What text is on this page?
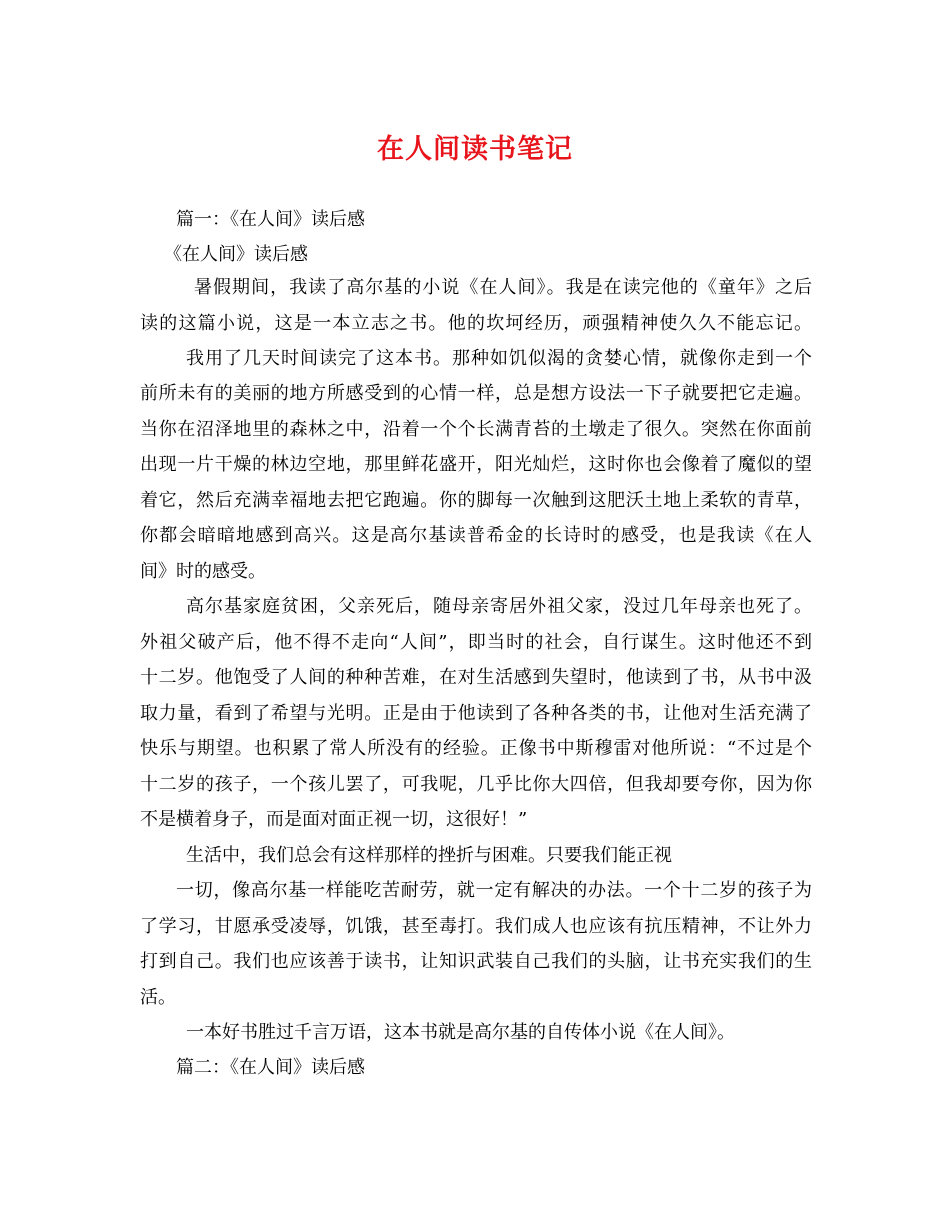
在人间读书笔记
篇一：《在人间》读后感
《在人间》读后感
暑假期间，我读了高尔基的小说《在人间》。我是在读完他的《童年》之后
读的这篇小说，这是一本立志之书。他的坎坷经历，顽强精神使久久不能忘记。
我用了几天时间读完了这本书。那种如饥似渴的贪婪心情，就像你走到一个
前所未有的美丽的地方所感受到的心情一样，总是想方设法一下子就要把它走遍。
当你在沼泽地里的森林之中，沿着一个个长满青苔的土墩走了很久。突然在你面前
出现一片干燥的林边空地，那里鲜花盛开，阳光灿烂，这时你也会像着了魔似的望
着它，然后充满幸福地去把它跑遍。你的脚每一次触到这肥沃土地上柔软的青草，
你都会暗暗地感到高兴。这是高尔基读普希金的长诗时的感受，也是我读《在人
间》时的感受。
高尔基家庭贫困，父亲死后，随母亲寄居外祖父家，没过几年母亲也死了。
外祖父破产后，他不得不走向“人间”，即当时的社会，自行谋生。这时他还不到
十二岁。他饱受了人间的种种苦难，在对生活感到失望时，他读到了书，从书中汲
取力量，看到了希望与光明。正是由于他读到了各种各类的书，让他对生活充满了
快乐与期望。也积累了常人所没有的经验。正像书中斯穆雷对他所说：“不过是个
十二岁的孩子，一个孩儿罢了，可我呢，几乎比你大四倍，但我却要夸你，因为你
不是横着身子，而是面对面正视一切，这很好！”
生活中，我们总会有这样那样的挫折与困难。只要我们能正视
一切，像高尔基一样能吃苦耐劳，就一定有解决的办法。一个十二岁的孩子为
了学习，甘愿承受凌辱，饥饿，甚至毒打。我们成人也应该有抗压精神，不让外力
打到自己。我们也应该善于读书，让知识武装自己我们的头脑，让书充实我们的生
活。
一本好书胜过千言万语，这本书就是高尔基的自传体小说《在人间》。
篇二：《在人间》读后感
